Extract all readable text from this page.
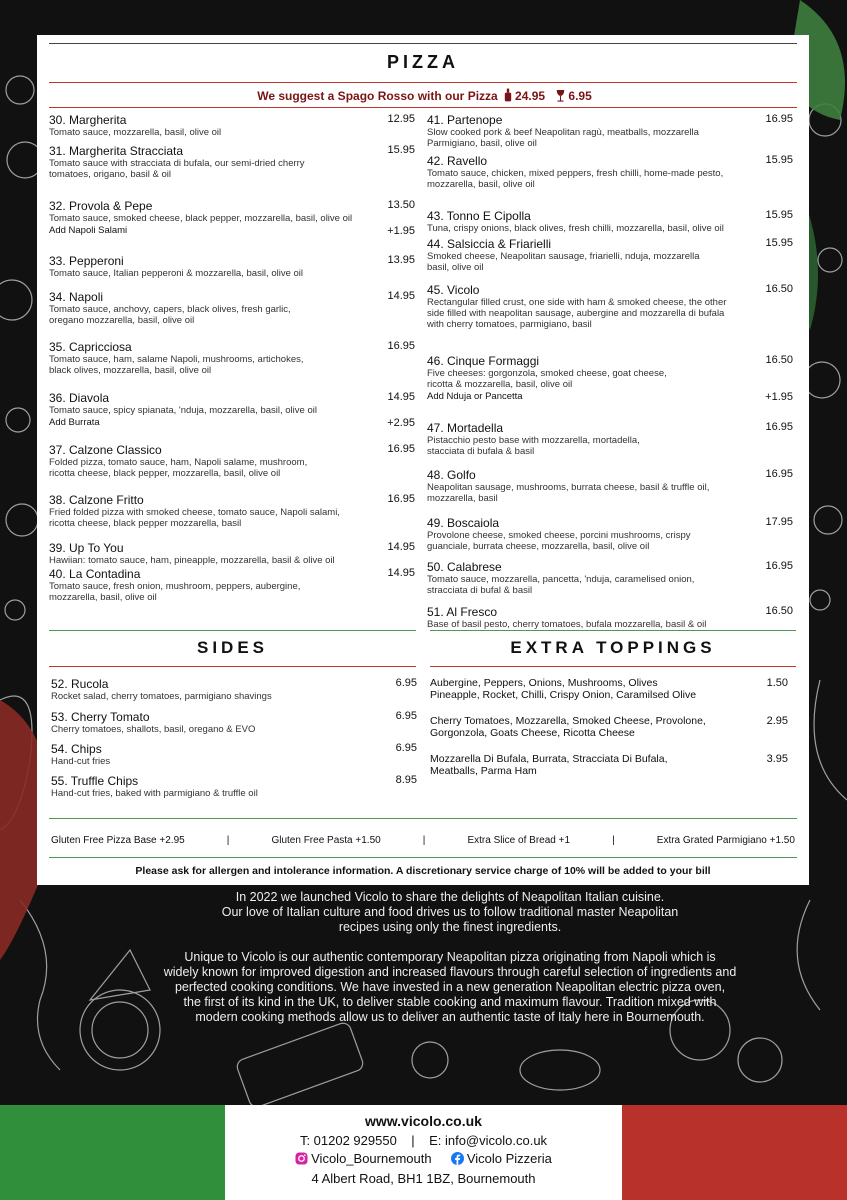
PIZZA
We suggest a Spago Rosso with our Pizza 24.95 6.95
30. Margherita	12.95
Tomato sauce, mozzarella, basil, olive oil
31. Margherita Stracciata	15.95
Tomato sauce with stracciata di bufala, our semi-dried cherry
tomatoes, origano, basil & oil
32. Provola & Pepe	13.50
Tomato sauce, smoked cheese, black pepper, mozzarella, basil, olive oil
Add Napoli Salami	+1.95
33. Pepperoni	13.95
Tomato sauce, Italian pepperoni & mozzarella, basil, olive oil
34. Napoli	14.95
Tomato sauce, anchovy, capers, black olives, fresh garlic,
oregano mozzarella, basil, olive oil
35. Capricciosa	16.95
Tomato sauce, ham, salame Napoli, mushrooms, artichokes,
black olives, mozzarella, basil, olive oil
36. Diavola	14.95
Tomato sauce, spicy spianata, 'nduja, mozzarella, basil, olive oil
Add Burrata	+2.95
37. Calzone Classico	16.95
Folded pizza, tomato sauce, ham, Napoli salame, mushroom,
ricotta cheese, black pepper, mozzarella, basil, olive oil
38. Calzone Fritto	16.95
Fried folded pizza with smoked cheese, tomato sauce, Napoli salami,
ricotta cheese, black pepper mozzarella, basil
39. Up To You	14.95
Hawiian: tomato sauce, ham, pineapple, mozzarella, basil & olive oil
40. La Contadina	14.95
Tomato sauce, fresh onion, mushroom, peppers, aubergine,
mozzarella, basil, olive oil
41. Partenope	16.95
Slow cooked pork & beef Neapolitan ragù, meatballs, mozzarella
Parmigiano, basil, olive oil
42. Ravello	15.95
Tomato sauce, chicken, mixed peppers, fresh chilli, home-made pesto,
mozzarella, basil, olive oil
43. Tonno E Cipolla	15.95
Tuna, crispy onions, black olives, fresh chilli, mozzarella, basil, olive oil
44. Salsiccia & Friarielli	15.95
Smoked cheese, Neapolitan sausage, friarielli, nduja, mozzarella
basil, olive oil
45. Vicolo	16.50
Rectangular filled crust, one side with ham & smoked cheese, the other
side filled with neapolitan sausage, aubergine and mozzarella di bufala
with cherry tomatoes, parmigiano, basil
46. Cinque Formaggi	16.50
Five cheeses: gorgonzola, smoked cheese, goat cheese,
ricotta & mozzarella, basil, olive oil
Add Nduja or Pancetta	+1.95
47. Mortadella	16.95
Pistacchio pesto base with mozzarella, mortadella,
stacciata di bufala & basil
48. Golfo	16.95
Neapolitan sausage, mushrooms, burrata cheese, basil & truffle oil,
mozzarella, basil
49. Boscaiola	17.95
Provolone cheese, smoked cheese, porcini mushrooms, crispy
guanciale, burrata cheese, mozzarella, basil, olive oil
50. Calabrese	16.95
Tomato sauce, mozzarella, pancetta, 'nduja, caramelised onion,
stracciata di bufal & basil
51. Al Fresco	16.50
Base of basil pesto, cherry tomatoes, bufala mozzarella, basil & oil
SIDES
52. Rucola	6.95
Rocket salad, cherry tomatoes, parmigiano shavings
53. Cherry Tomato	6.95
Cherry tomatoes, shallots, basil, oregano & EVO
54. Chips	6.95
Hand-cut fries
55. Truffle Chips	8.95
Hand-cut fries, baked with parmigiano & truffle oil
EXTRA TOPPINGS
Aubergine, Peppers, Onions, Mushrooms, Olives
Pineapple, Rocket, Chilli, Crispy Onion, Caramilsed Olive
1.50
Cherry Tomatoes, Mozzarella, Smoked Cheese, Provolone,
Gorgonzola, Goats Cheese, Ricotta Cheese
2.95
Mozzarella Di Bufala, Burrata, Stracciata Di Bufala,
Meatballs, Parma Ham
3.95
Gluten Free Pizza Base +2.95	|	Gluten Free Pasta +1.50	|	Extra Slice of Bread +1	|	Extra Grated Parmigiano +1.50
Please ask for allergen and intolerance information. A discretionary service charge of 10% will be added to your bill
In 2022 we launched Vicolo to share the delights of Neapolitan Italian cuisine.
Our love of Italian culture and food drives us to follow traditional master Neapolitan
recipes using only the finest ingredients.
Unique to Vicolo is our authentic contemporary Neapolitan pizza originating from Napoli which is
widely known for improved digestion and increased flavours through careful selection of ingredients and
perfected cooking conditions. We have invested in a new generation Neapolitan electric pizza oven,
the first of its kind in the UK, to deliver stable cooking and maximum flavour. Tradition mixed with
modern cooking methods allow us to deliver an authentic taste of Italy here in Bournemouth.
www.vicolo.co.uk
T: 01202 929550    |    E: info@vicolo.co.uk
Vicolo_Bournemouth	Vicolo Pizzeria
4 Albert Road, BH1 1BZ, Bournemouth
